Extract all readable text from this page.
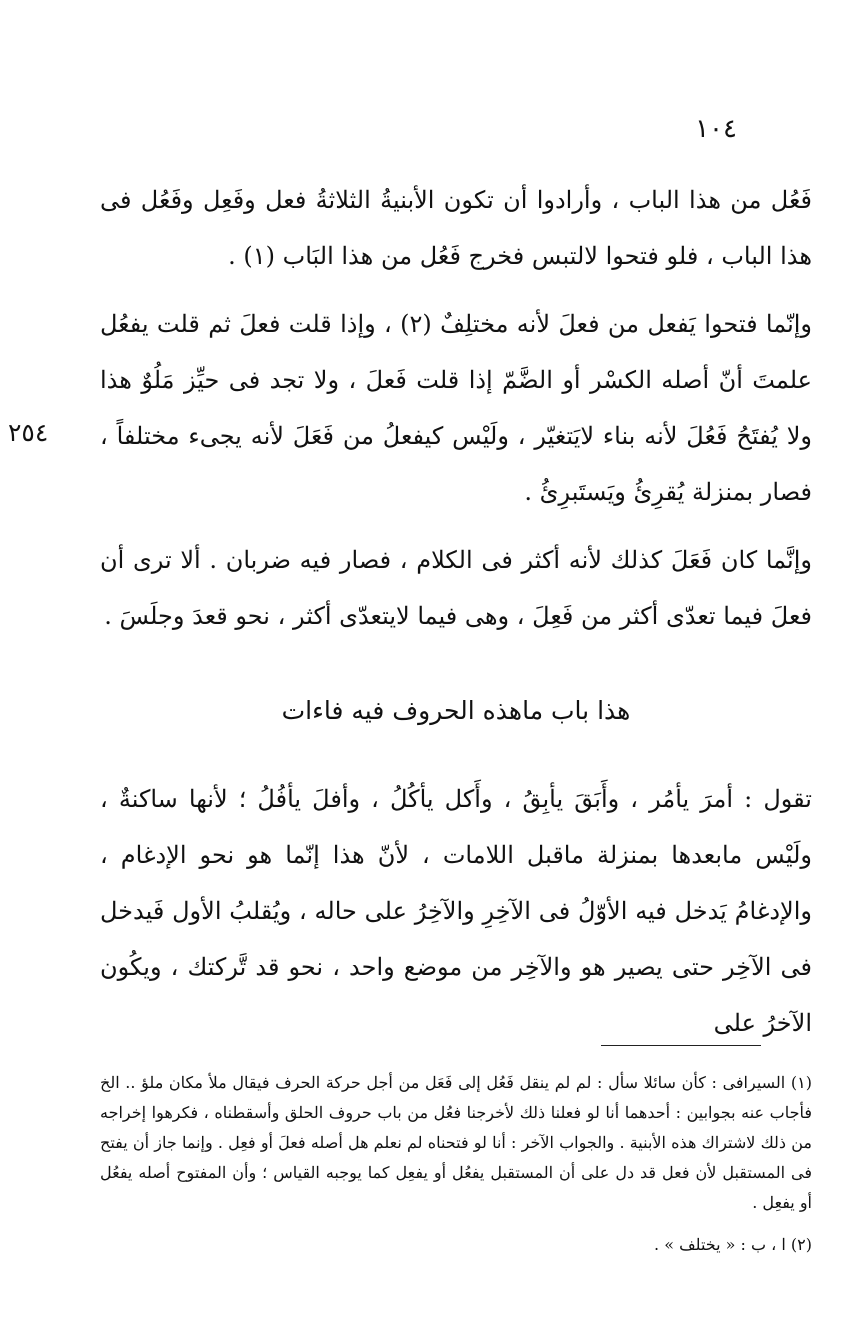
١٠٤

فَعُل من هذا الباب ، وأرادوا أن تكون الأبنيةُ الثلاثةُ فعل وفَعِل وفَعُل فى هذا الباب ، فلو فتحوا لالتبس فخرج فَعُل من هذا البَاب (١) .

وإنّما فتحوا يَفعل من فعلَ لأنه مختلِفٌ (٢) ، وإذا قلت فعلَ ثم قلت يفعُل علمتَ أنّ أصله الكسْر أو الضَّمّ إذا قلت فَعلَ ، ولا تجد فى حيِّز مَلُوٌ هذا ولا يُفتَحُ فَعُلَ لأنه بناء لايَتغيّر ، ولَيْس كيفعلُ من فَعَلَ لأنه يجىء مختلفاً ، فصار بمنزلة يُقرِئُ ويَستَبرِئُ .

وإنَّما كان فَعَلَ كذلك لأنه أكثر فى الكلام ، فصار فيه ضربان . ألا ترى أن فعلَ فيما تعدّى أكثر من فَعِلَ ، وهى فيما لايتعدّى أكثر ، نحو قعدَ وجلَسَ .

هذا باب ماهذه الحروف فيه فاءات

تقول : أمرَ يأمُر ، وأَبَقَ يأبِقُ ، وأَكل يأكُلُ ، وأفلَ يأفُلُ ؛ لأنها ساكنةٌ ، ولَيْس مابعدها بمنزلة ماقبل اللامات ، لأنّ هذا إنّما هو نحو الإدغام ، والإدغامُ يَدخل فيه الأوّلُ فى الآخِرِ والآخِرُ على حاله ، ويُقلبُ الأول فَيدخل فى الآخِر حتى يصير هو والآخِر من موضع واحد ، نحو قد تَّركتك ، ويكُون الآخرُ على

٢٥٤

(١) السيرافى : كأن سائلا سأل : لم لم ينقل فَعُل إلى فَعَل من أجل حركة الحرف فيقال ملأ مكان ملؤ .. الخ فأجاب عنه بجوابين : أحدهما أنا لو فعلنا ذلك لأخرجنا فعُل من باب حروف الحلق وأسقطناه ، فكرهوا إخراجه من ذلك لاشتراك هذه الأبنية . والجواب الآخر : أنا لو فتحناه لم نعلم هل أصله فعلَ أو فعِل . وإنما جاز أن يفتح فى المستقبل لأن فعل قد دل على أن المستقبل يفعُل أو يفعِل كما يوجبه القياس ؛ وأن المفتوح أصله يفعُل أو يفعِل .

(٢) ا ، ب : « يختلف » .
